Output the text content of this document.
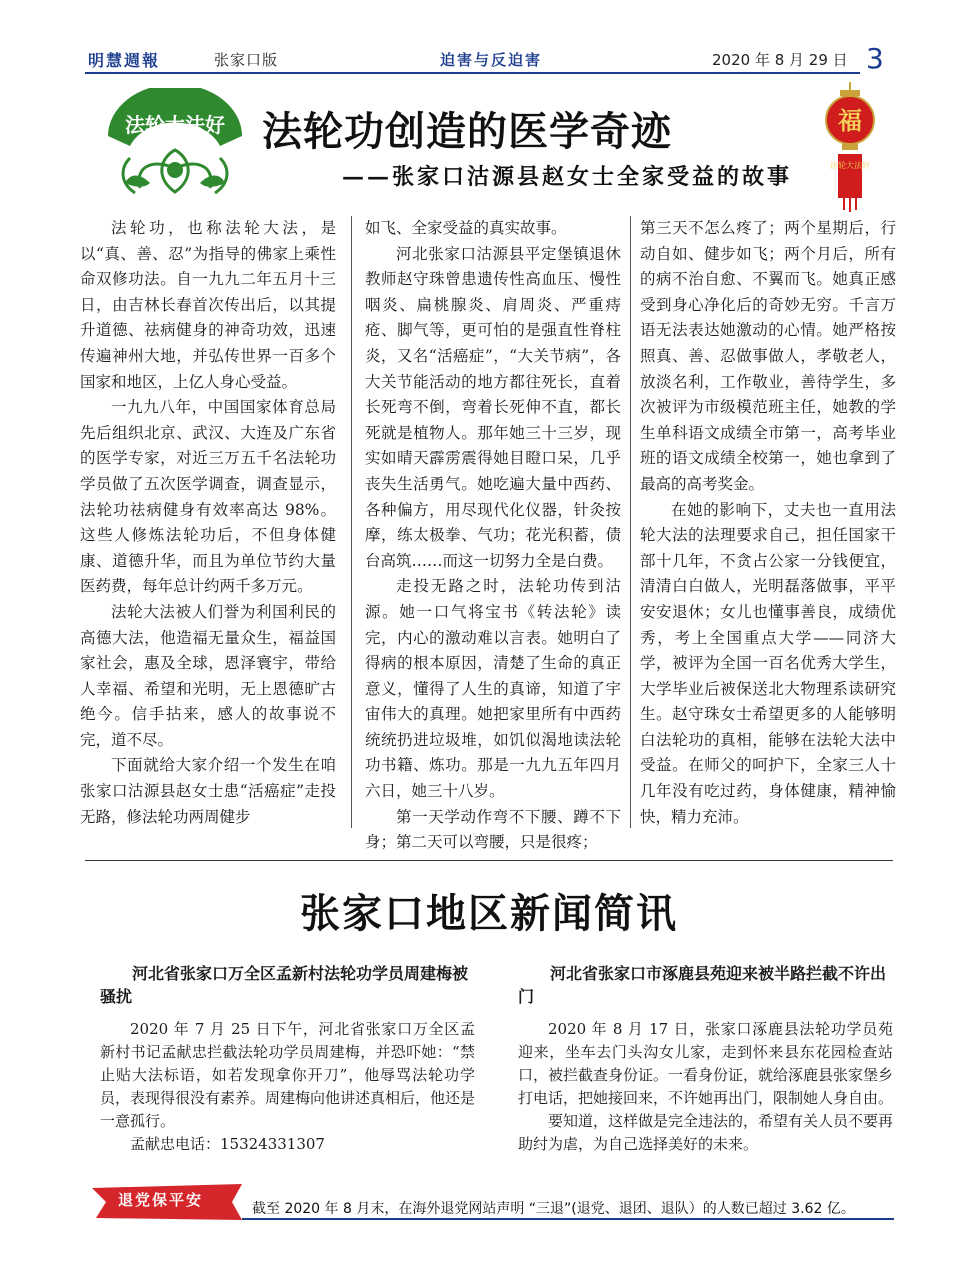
明慧週報	张家口版	迫害与反迫害	2020 年 8 月 29 日 3
法轮大法好 法轮功创造的医学奇迹
——张家口沽源县赵女士全家受益的故事
福
法轮大法好

法轮功，也称法轮大法，是以“真、善、忍”为指导的佛家上乘性命双修功法。自一九九二年五月十三日，由吉林长春首次传出后，以其提升道德、祛病健身的神奇功效，迅速传遍神州大地，并弘传世界一百多个国家和地区，上亿人身心受益。

一九九八年，中国国家体育总局先后组织北京、武汉、大连及广东省的医学专家，对近三万五千名法轮功学员做了五次医学调查，调查显示，法轮功祛病健身有效率高达 98%。这些人修炼法轮功后，不但身体健康、道德升华，而且为单位节约大量医药费，每年总计约两千多万元。

法轮大法被人们誉为利国利民的高德大法，他造福无量众生，福益国家社会，惠及全球，恩泽寰宇，带给人幸福、希望和光明，无上恩德旷古绝今。信手拈来，感人的故事说不完，道不尽。

下面就给大家介绍一个发生在咱张家口沽源县赵女士患“活癌症”走投无路，修法轮功两周健步

如飞、全家受益的真实故事。

河北张家口沽源县平定堡镇退休教师赵守珠曾患遗传性高血压、慢性咽炎、扁桃腺炎、肩周炎、严重痔疮、脚气等，更可怕的是强直性脊柱炎，又名“活癌症”，“大关节病”，各大关节能活动的地方都往死长，直着长死弯不倒，弯着长死伸不直，都长死就是植物人。那年她三十三岁，现实如晴天霹雳震得她目瞪口呆，几乎丧失生活勇气。她吃遍大量中西药、各种偏方，用尽现代化仪器，针灸按摩，练太极拳、气功；花光积蓄，债台高筑……而这一切努力全是白费。

走投无路之时，法轮功传到沽源。她一口气将宝书《转法轮》读完，内心的激动难以言表。她明白了得病的根本原因，清楚了生命的真正意义，懂得了人生的真谛，知道了宇宙伟大的真理。她把家里所有中西药统统扔进垃圾堆，如饥似渴地读法轮功书籍、炼功。那是一九九五年四月六日，她三十八岁。

第一天学动作弯不下腰、蹲不下身；第二天可以弯腰，只是很疼；

第三天不怎么疼了；两个星期后，行动自如、健步如飞；两个月后，所有的病不治自愈、不翼而飞。她真正感受到身心净化后的奇妙无穷。千言万语无法表达她激动的心情。她严格按照真、善、忍做事做人，孝敬老人，放淡名利，工作敬业，善待学生，多次被评为市级模范班主任，她教的学生单科语文成绩全市第一，高考毕业班的语文成绩全校第一，她也拿到了最高的高考奖金。

在她的影响下，丈夫也一直用法轮大法的法理要求自己，担任国家干部十几年，不贪占公家一分钱便宜，清清白白做人，光明磊落做事，平平安安退休；女儿也懂事善良，成绩优秀，考上全国重点大学——同济大学，被评为全国一百名优秀大学生，大学毕业后被保送北大物理系读研究生。赵守珠女士希望更多的人能够明白法轮功的真相，能够在法轮大法中受益。在师父的呵护下，全家三人十几年没有吃过药，身体健康，精神愉快，精力充沛。

张家口地区新闻简讯
河北省张家口万全区孟新村法轮功学员周建梅被骚扰

2020 年 7 月 25 日下午，河北省张家口万全区孟新村书记孟献忠拦截法轮功学员周建梅，并恐吓她：“禁止贴大法标语，如若发现拿你开刀”，他辱骂法轮功学员，表现得很没有素养。周建梅向他讲述真相后，他还是一意孤行。

孟献忠电话：15324331307

河北省张家口市涿鹿县苑迎来被半路拦截不许出门

2020 年 8 月 17 日，张家口涿鹿县法轮功学员苑迎来，坐车去门头沟女儿家，走到怀来县东花园检查站口，被拦截查身份证。一看身份证，就给涿鹿县张家堡乡打电话，把她接回来，不许她再出门，限制她人身自由。

要知道，这样做是完全违法的，希望有关人员不要再助纣为虐，为自己选择美好的未来。

退党保平安	截至 2020 年 8 月末，在海外退党网站声明 “三退”(退党、退团、退队）的人数已超过 3.62 亿。
